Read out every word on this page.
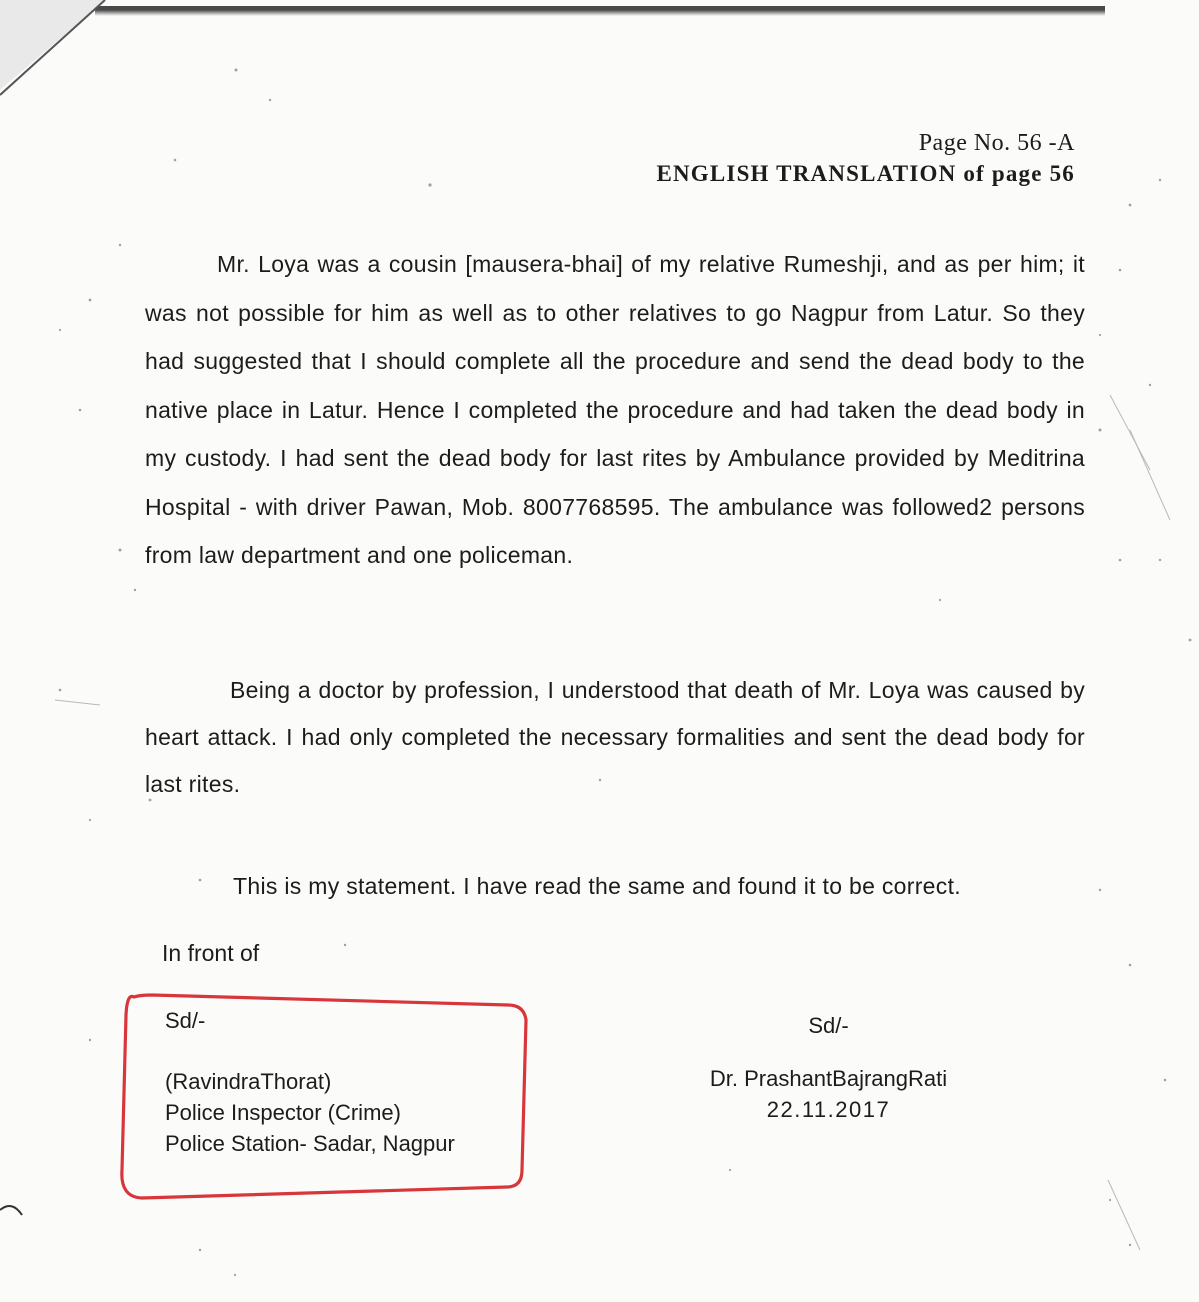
Page No. 56 -A
ENGLISH TRANSLATION of page 56
Mr. Loya was a cousin [mausera-bhai] of my relative Rumeshji, and as per him; it was not possible for him as well as to other relatives to go Nagpur from Latur. So they had suggested that I should complete all the procedure and send the dead body to the native place in Latur. Hence I completed the procedure and had taken the dead body in my custody. I had sent the dead body for last rites by Ambulance provided by Meditrina Hospital - with driver Pawan, Mob. 8007768595. The ambulance was followed2 persons from law department and one policeman.
Being a doctor by profession, I understood that death of Mr. Loya was caused by heart attack. I had only completed the necessary formalities and sent the dead body for last rites.
This is my statement. I have read the same and found it to be correct.
In front of
Sd/-
(RavindraThorat)
Police Inspector (Crime)
Police Station- Sadar, Nagpur
Sd/-
Dr. PrashantBajrangRati
22.11.2017
